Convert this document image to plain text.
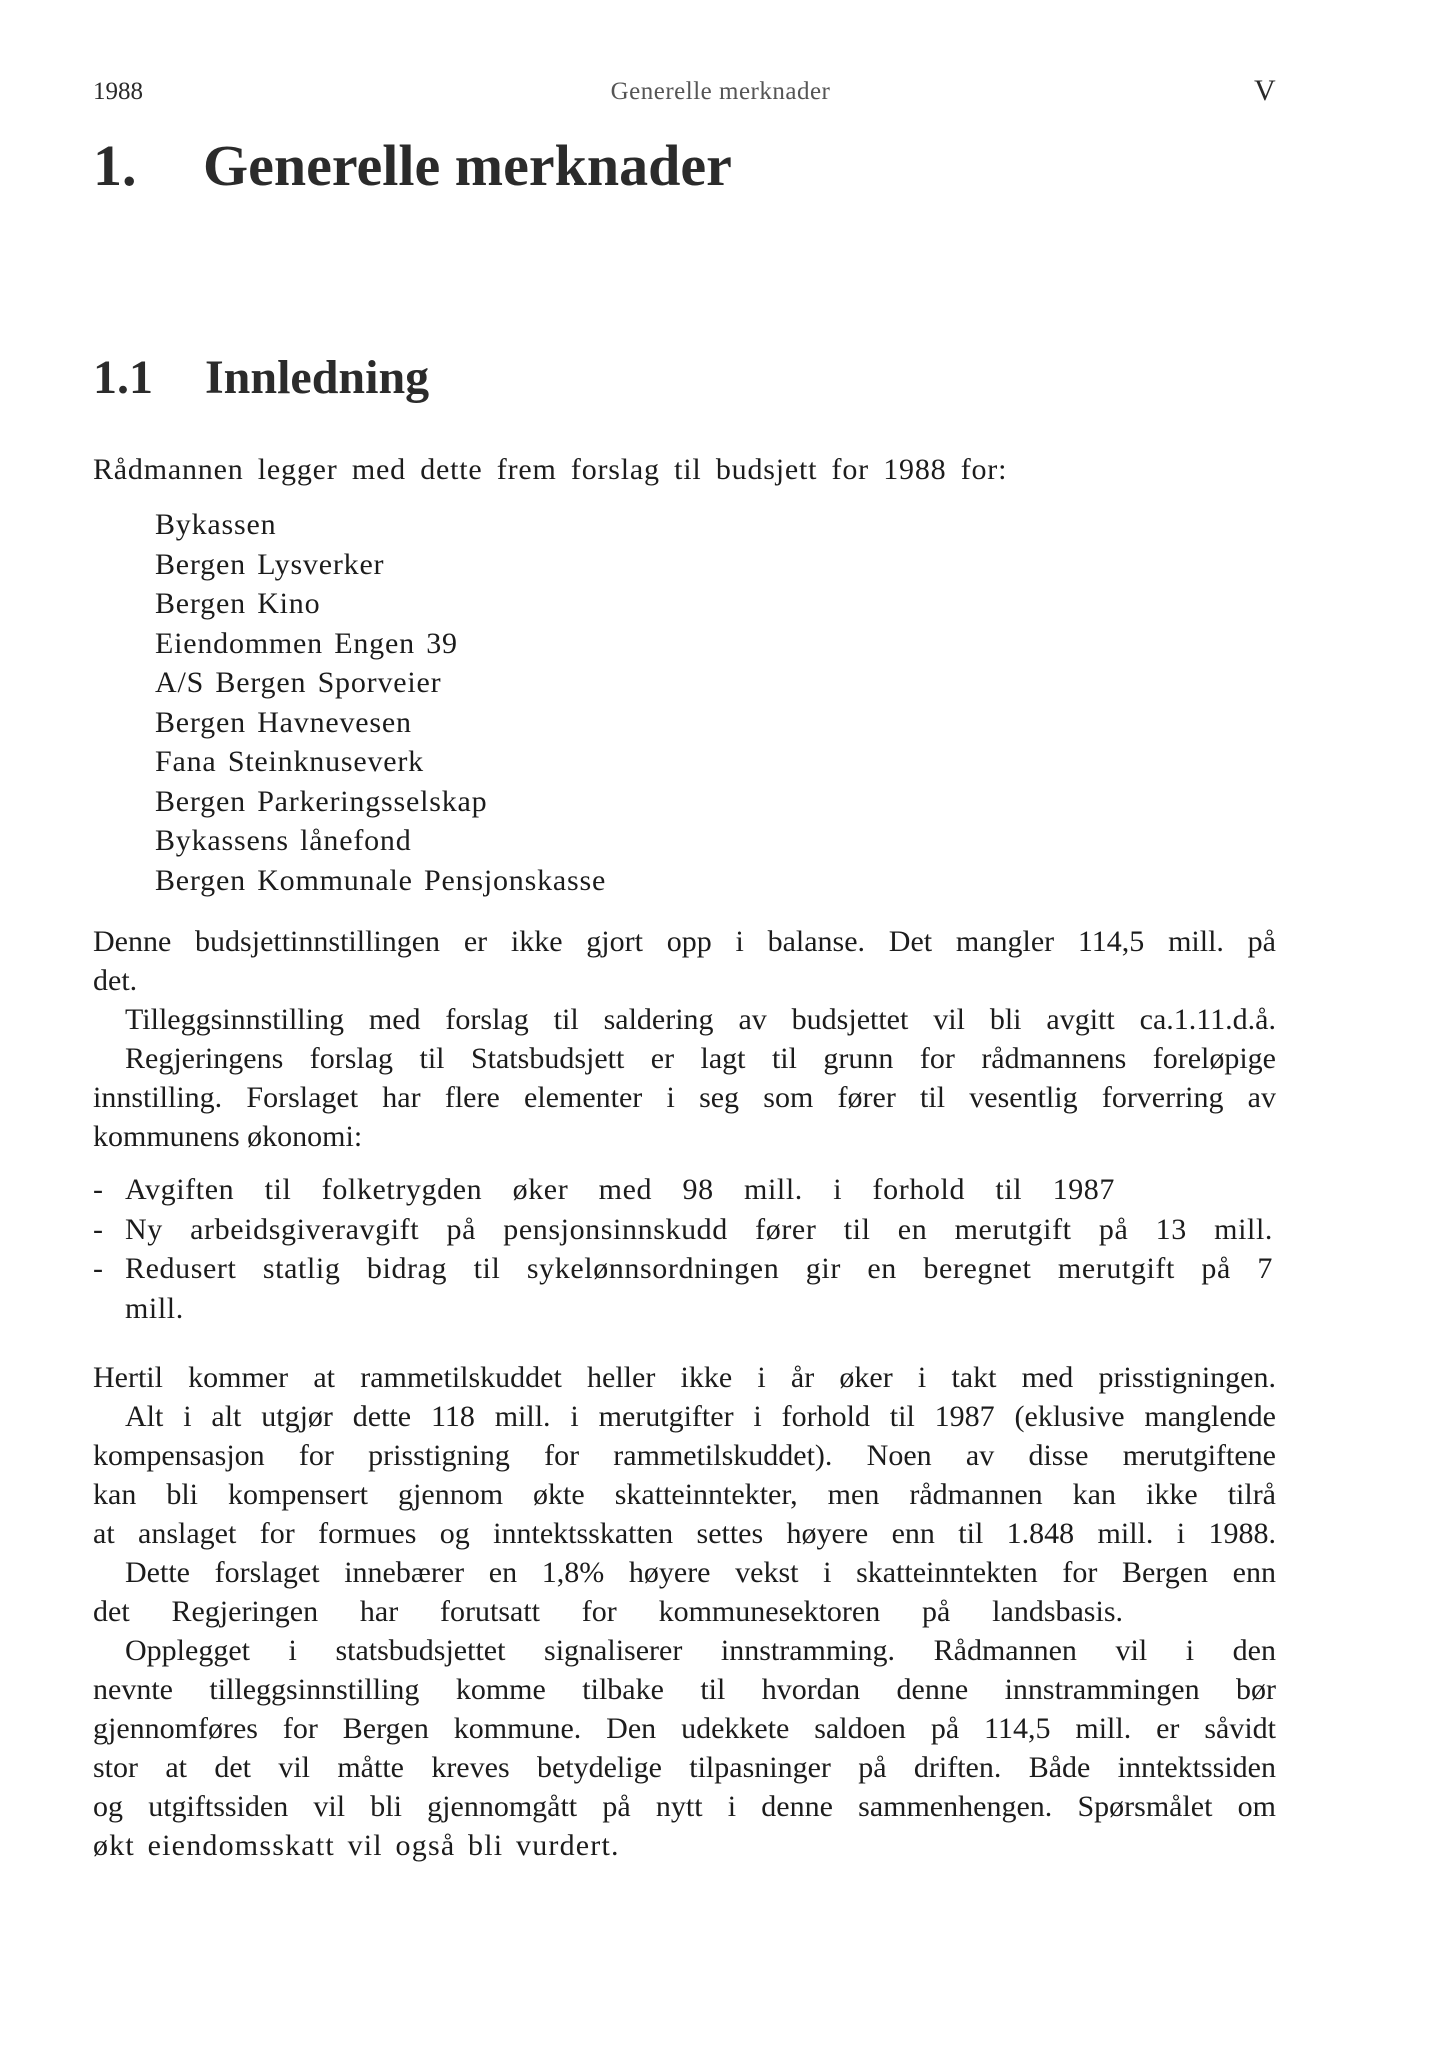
1988	Generelle merknader	V
1. Generelle merknader
1.1 Innledning
Rådmannen legger med dette frem forslag til budsjett for 1988 for:
Bykassen
Bergen Lysverker
Bergen Kino
Eiendommen Engen 39
A/S Bergen Sporveier
Bergen Havnevesen
Fana Steinknuseverk
Bergen Parkeringsselskap
Bykassens lånefond
Bergen Kommunale Pensjonskasse
Denne budsjettinnstillingen er ikke gjort opp i balanse. Det mangler 114,5 mill. på
det.
Tilleggsinnstilling med forslag til saldering av budsjettet vil bli avgitt ca.1.11.d.å.
Regjeringens forslag til Statsbudsjett er lagt til grunn for rådmannens foreløpige
innstilling. Forslaget har flere elementer i seg som fører til vesentlig forverring av
kommunens økonomi:
- Avgiften til folketrygden øker med 98 mill. i forhold til 1987
- Ny arbeidsgiveravgift på pensjonsinnskudd fører til en merutgift på 13 mill.
- Redusert statlig bidrag til sykelønnsordningen gir en beregnet merutgift på 7
mill.
Hertil kommer at rammetilskuddet heller ikke i år øker i takt med prisstigningen.
Alt i alt utgjør dette 118 mill. i merutgifter i forhold til 1987 (eklusive manglende
kompensasjon for prisstigning for rammetilskuddet). Noen av disse merutgiftene
kan bli kompensert gjennom økte skatteinntekter, men rådmannen kan ikke tilrå
at anslaget for formues og inntektsskatten settes høyere enn til 1.848 mill. i 1988.
Dette forslaget innebærer en 1,8% høyere vekst i skatteinntekten for Bergen enn
det Regjeringen har forutsatt for kommunesektoren på landsbasis.
Opplegget i statsbudsjettet signaliserer innstramming. Rådmannen vil i den
nevnte tilleggsinnstilling komme tilbake til hvordan denne innstrammingen bør
gjennomføres for Bergen kommune. Den udekkete saldoen på 114,5 mill. er såvidt
stor at det vil måtte kreves betydelige tilpasninger på driften. Både inntektssiden
og utgiftssiden vil bli gjennomgått på nytt i denne sammenhengen. Spørsmålet om
økt eiendomsskatt vil også bli vurdert.
